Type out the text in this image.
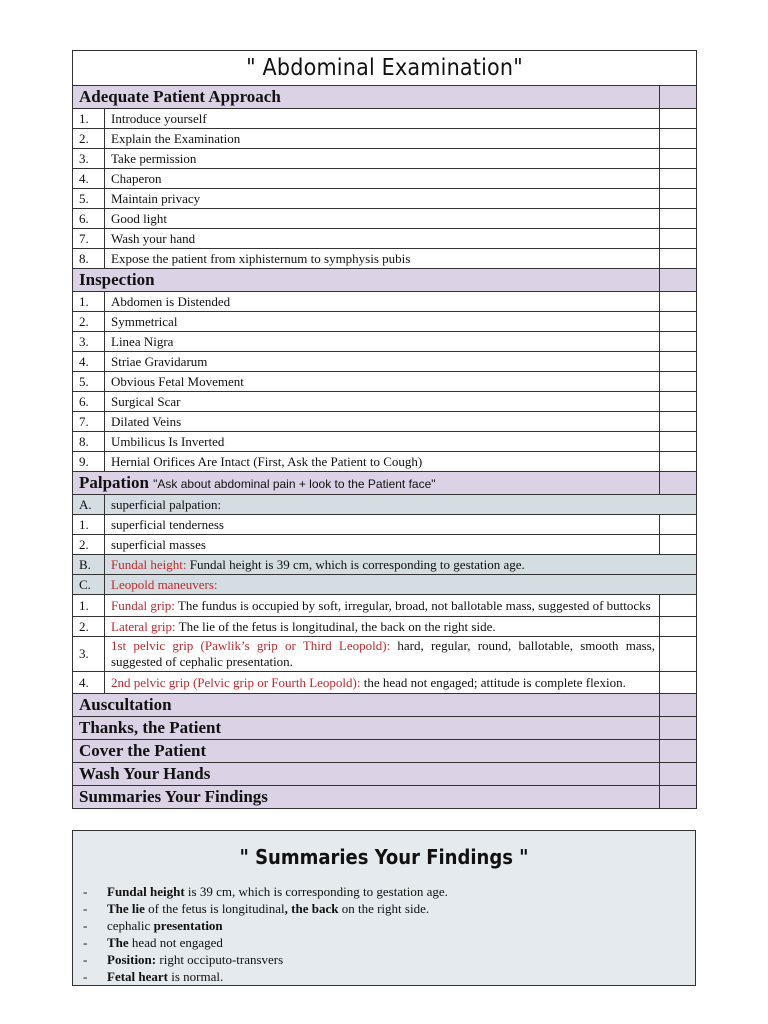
" Abdominal Examination"		
Adequate Patient Approach		
1.	Introduce yourself	
2.	Explain the Examination	
3.	Take permission	
4.	Chaperon	
5.	Maintain privacy	
6.	Good light	
7.	Wash your hand	
8.	Expose the patient from xiphisternum to symphysis pubis	
Inspection		
1.	Abdomen is Distended	
2.	Symmetrical	
3.	Linea Nigra	
4.	Striae Gravidarum	
5.	Obvious Fetal Movement	
6.	Surgical Scar	
7.	Dilated Veins	
8.	Umbilicus Is Inverted	
9.	Hernial Orifices Are Intact (First, Ask the Patient to Cough)	
Palpation "Ask about abdominal pain + look to the Patient face"		
A.	superficial palpation:	
1.	superficial tenderness	
2.	superficial masses	
B.	Fundal height: Fundal height is 39 cm, which is corresponding to gestation age.	
C.	Leopold maneuvers:	
1.	Fundal grip: The fundus is occupied by soft, irregular, broad, not ballotable mass, suggested of buttocks	
2.	Lateral grip: The lie of the fetus is longitudinal, the back on the right side.	
3.	1st pelvic grip (Pawlik’s grip or Third Leopold): hard, regular, round, ballotable, smooth mass, suggested of cephalic presentation.	
4.	2nd pelvic grip (Pelvic grip or Fourth Leopold): the head not engaged; attitude is complete flexion.	
Auscultation		
Thanks, the Patient		
Cover the Patient		
Wash Your Hands		
Summaries Your Findings		
" Summaries Your Findings "
- Fundal height is 39 cm, which is corresponding to gestation age.
- The lie of the fetus is longitudinal, the back on the right side.
- cephalic presentation
- The head not engaged
- Position: right occiputo-transvers
- Fetal heart is normal.
